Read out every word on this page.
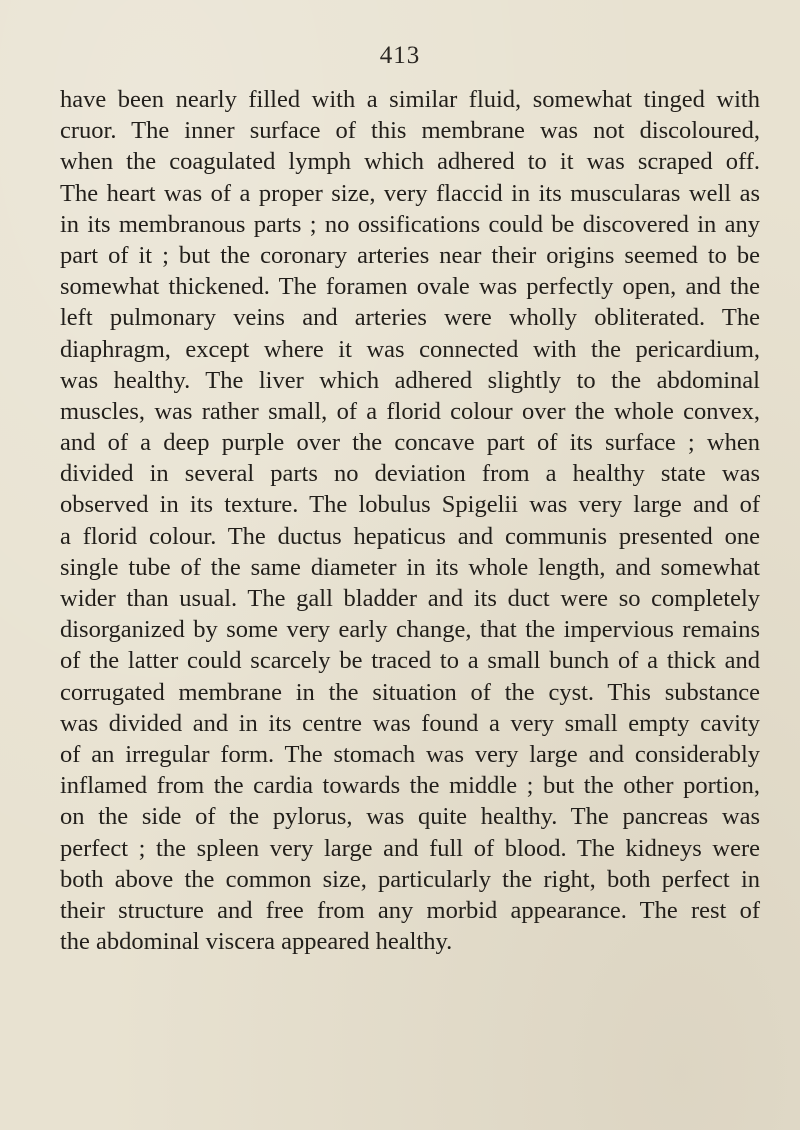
413
have been nearly filled with a similar fluid, somewhat tinged with
cruor. The inner surface of this membrane was not discoloured,
when the coagulated lymph which adhered to it was scraped off.
The heart was of a proper size, very flaccid in its muscularas well as
in its membranous parts ; no ossifications could be discovered in any
part of it ; but the coronary arteries near their origins seemed to be
somewhat thickened. The foramen ovale was perfectly open, and the
left pulmonary veins and arteries were wholly obliterated. The
diaphragm, except where it was connected with the pericardium,
was healthy. The liver which adhered slightly to the abdominal
muscles, was rather small, of a florid colour over the whole convex,
and of a deep purple over the concave part of its surface ; when
divided in several parts no deviation from a healthy state was
observed in its texture. The lobulus Spigelii was very large and of
a florid colour. The ductus hepaticus and communis presented one
single tube of the same diameter in its whole length, and somewhat
wider than usual. The gall bladder and its duct were so completely
disorganized by some very early change, that the impervious remains
of the latter could scarcely be traced to a small bunch of a thick and
corrugated membrane in the situation of the cyst. This substance
was divided and in its centre was found a very small empty cavity
of an irregular form. The stomach was very large and considerably
inflamed from the cardia towards the middle ; but the other portion,
on the side of the pylorus, was quite healthy. The pancreas was
perfect ; the spleen very large and full of blood. The kidneys were
both above the common size, particularly the right, both perfect in
their structure and free from any morbid appearance. The rest of
the abdominal viscera appeared healthy.
